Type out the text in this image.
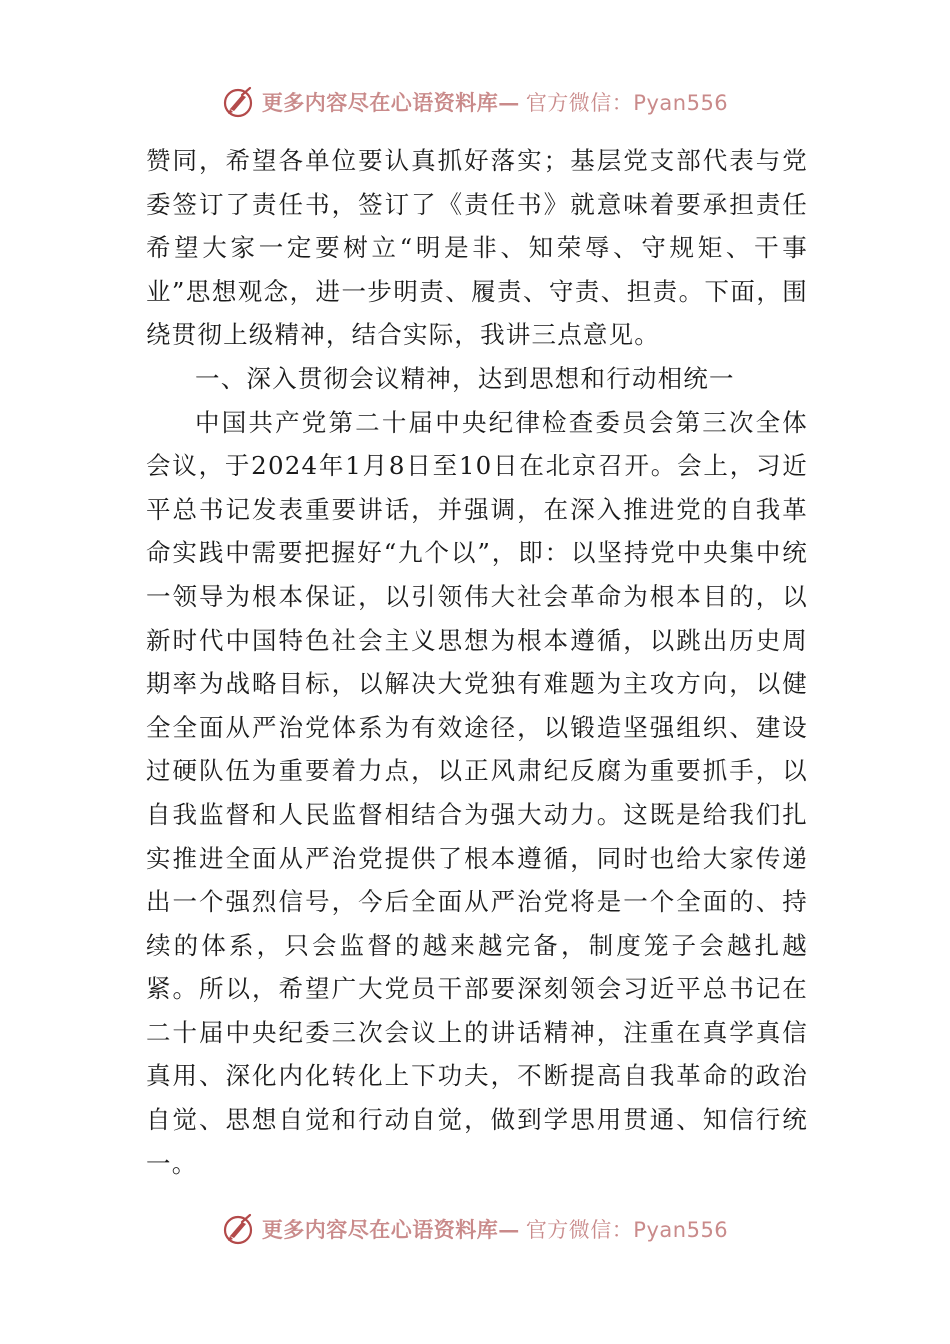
更多内容尽在心语资料库— 官方微信：Pyan556

赞同，希望各单位要认真抓好落实；基层党支部代表与党委签订了责任书，签订了《责任书》就意味着要承担责任希望大家一定要树立“明是非、知荣辱、守规矩、干事业”思想观念，进一步明责、履责、守责、担责。下面，围绕贯彻上级精神，结合实际，我讲三点意见。

一、深入贯彻会议精神，达到思想和行动相统一

中国共产党第二十届中央纪律检查委员会第三次全体会议，于2024年1月8日至10日在北京召开。会上，习近平总书记发表重要讲话，并强调，在深入推进党的自我革命实践中需要把握好“九个以”，即：以坚持党中央集中统一领导为根本保证，以引领伟大社会革命为根本目的，以新时代中国特色社会主义思想为根本遵循，以跳出历史周期率为战略目标，以解决大党独有难题为主攻方向，以健全全面从严治党体系为有效途径，以锻造坚强组织、建设过硬队伍为重要着力点，以正风肃纪反腐为重要抓手，以自我监督和人民监督相结合为强大动力。这既是给我们扎实推进全面从严治党提供了根本遵循，同时也给大家传递出一个强烈信号，今后全面从严治党将是一个全面的、持续的体系，只会监督的越来越完备，制度笼子会越扎越紧。所以，希望广大党员干部要深刻领会习近平总书记在二十届中央纪委三次会议上的讲话精神，注重在真学真信真用、深化内化转化上下功夫，不断提高自我革命的政治自觉、思想自觉和行动自觉，做到学思用贯通、知信行统一。

更多内容尽在心语资料库— 官方微信：Pyan556
